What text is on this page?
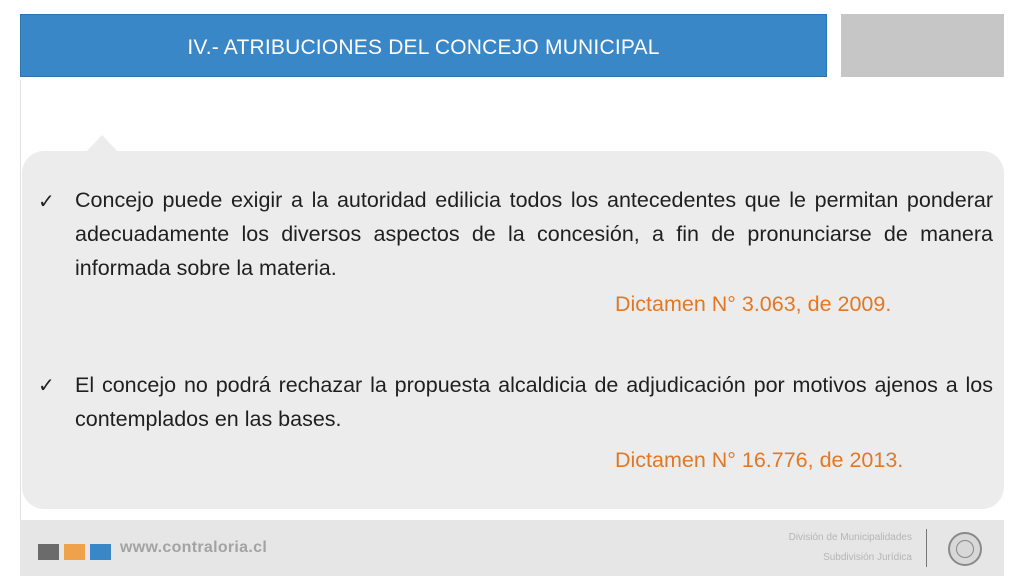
IV.- ATRIBUCIONES DEL CONCEJO MUNICIPAL
✓ Concejo puede exigir a la autoridad edilicia todos los antecedentes que le permitan ponderar adecuadamente los diversos aspectos de la concesión, a fin de pronunciarse de manera informada sobre la materia.
Dictamen N° 3.063, de 2009.
✓ El concejo no podrá rechazar la propuesta alcaldicia de adjudicación por motivos ajenos a los contemplados en las bases.
Dictamen N° 16.776, de 2013.
www.contraloria.cl
División de Municipalidades
Subdivisión Jurídica
